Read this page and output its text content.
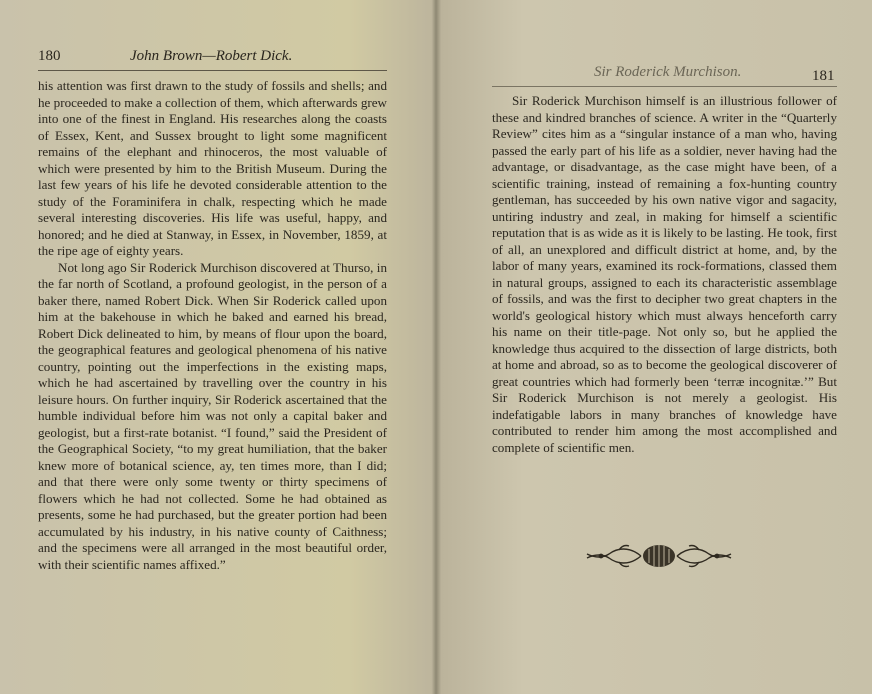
180	John Brown—Robert Dick.

his attention was first drawn to the study of fossils and shells; and he proceeded to make a collection of them, which afterwards grew into one of the finest in England. His researches along the coasts of Essex, Kent, and Sussex brought to light some magnificent remains of the elephant and rhinoceros, the most valuable of which were presented by him to the British Museum. During the last few years of his life he devoted considerable attention to the study of the Foraminifera in chalk, respecting which he made several interesting discoveries. His life was useful, happy, and honored; and he died at Stanway, in Essex, in November, 1859, at the ripe age of eighty years.

Not long ago Sir Roderick Murchison discovered at Thurso, in the far north of Scotland, a profound geologist, in the person of a baker there, named Robert Dick. When Sir Roderick called upon him at the bakehouse in which he baked and earned his bread, Robert Dick delineated to him, by means of flour upon the board, the geographical features and geological phenomena of his native country, pointing out the imperfections in the existing maps, which he had ascertained by travelling over the country in his leisure hours. On further inquiry, Sir Roderick ascertained that the humble individual before him was not only a capital baker and geologist, but a first-rate botanist. “I found,” said the President of the Geographical Society, “to my great humiliation, that the baker knew more of botanical science, ay, ten times more, than I did; and that there were only some twenty or thirty specimens of flowers which he had not collected. Some he had obtained as presents, some he had purchased, but the greater portion had been accumulated by his industry, in his native county of Caithness; and the specimens were all arranged in the most beautiful order, with their scientific names affixed.”

Sir Roderick Murchison.	181

Sir Roderick Murchison himself is an illustrious follower of these and kindred branches of science. A writer in the “Quarterly Review” cites him as a “singular instance of a man who, having passed the early part of his life as a soldier, never having had the advantage, or disadvantage, as the case might have been, of a scientific training, instead of remaining a fox-hunting country gentleman, has succeeded by his own native vigor and sagacity, untiring industry and zeal, in making for himself a scientific reputation that is as wide as it is likely to be lasting. He took, first of all, an unexplored and difficult district at home, and, by the labor of many years, examined its rock-formations, classed them in natural groups, assigned to each its characteristic assemblage of fossils, and was the first to decipher two great chapters in the world's geological history which must always henceforth carry his name on their title-page. Not only so, but he applied the knowledge thus acquired to the dissection of large districts, both at home and abroad, so as to become the geological discoverer of great countries which had formerly been ‘terræ incognitæ.’” But Sir Roderick Murchison is not merely a geologist. His indefatigable labors in many branches of knowledge have contributed to render him among the most accomplished and complete of scientific men.
